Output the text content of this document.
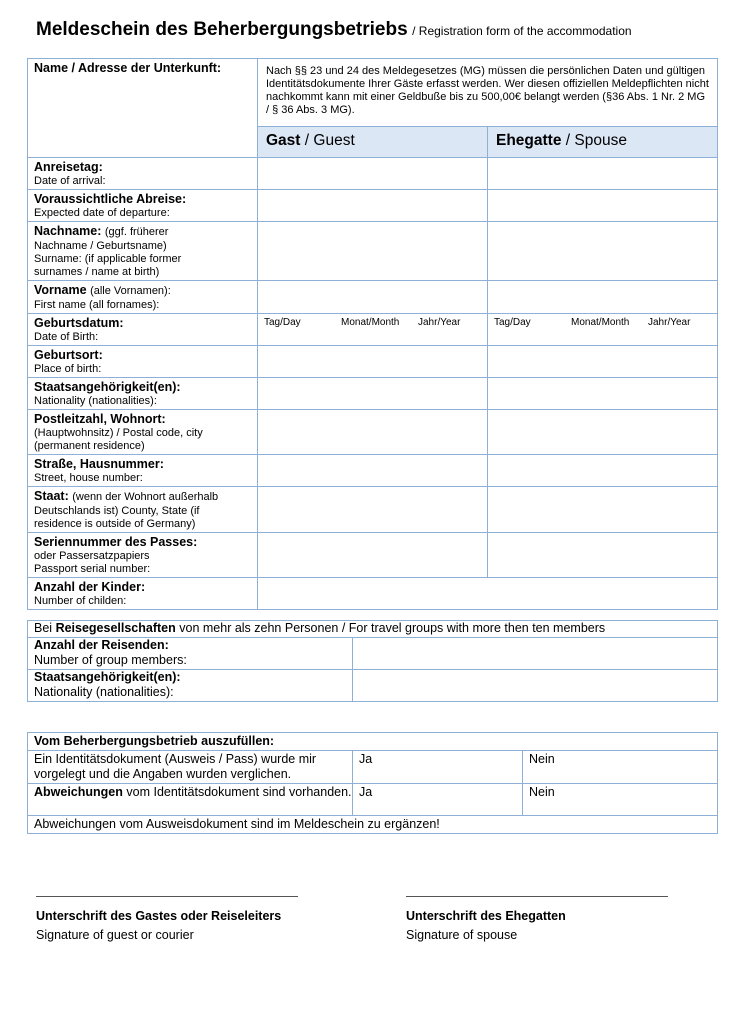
Meldeschein des Beherbergungsbetriebs / Registration form of the accommodation
Name / Adresse der Unterkunft:	Nach §§ 23 und 24 des Meldegesetzes (MG) müssen die persönlichen Daten und gültigen Identitätsdokumente Ihrer Gäste erfasst werden. Wer diesen offiziellen Meldepflichten nicht nachkommt kann mit einer Geldbuße bis zu 500,00€ belangt werden (§36 Abs. 1 Nr. 2 MG / § 36 Abs. 3 MG).	
	Gast / Guest	Ehegatte / Spouse
Anreisetag:
Date of arrival:		

Voraussichtliche Abreise:
Expected date of departure:		

Nachname: (ggf. früherer
Nachname / Geburtsname)
Surname: (if applicable former
surnames / name at birth)		

Vorname (alle Vornamen):
First name (all fornames):		

Geburtsdatum:
Date of Birth:	Tag/Day Monat/Month Jahr/Year	Tag/Day Monat/Month Jahr/Year

Geburtsort:
Place of birth:		

Staatsangehörigkeit(en):
Nationality (nationalities):		

Postleitzahl, Wohnort:
(Hauptwohnsitz) / Postal code, city
(permanent residence)		

Straße, Hausnummer:
Street, house number:		

Staat: (wenn der Wohnort außerhalb
Deutschlands ist) County, State (if
residence is outside of Germany)		

Seriennummer des Passes:
oder Passersatzpapiers
Passport serial number:		

Anzahl der Kinder:
Number of childen:		

Bei Reisegesellschaften von mehr als zehn Personen / For travel groups with more then ten members	
Anzahl der Reisenden:
Number of group members:	

Staatsangehörigkeit(en):
Nationality (nationalities):	

Vom Beherbergungsbetrieb auszufüllen:		
Ein Identitätsdokument (Ausweis / Pass) wurde mir vorgelegt und die Angaben wurden verglichen.	Ja	Nein
Abweichungen vom Identitätsdokument sind vorhanden.	Ja	Nein
Abweichungen vom Ausweisdokument sind im Meldeschein zu ergänzen!		
Unterschrift des Gastes oder Reiseleiters
Signature of guest or courier
Unterschrift des Ehegatten
Signature of spouse
